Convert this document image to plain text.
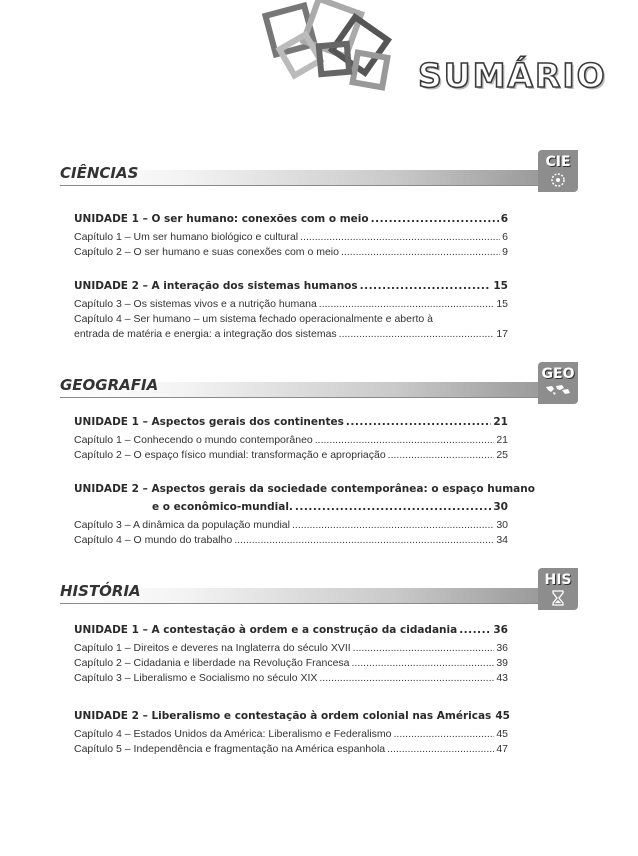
SUMÁRIO
CIÊNCIAS
CIE
UNIDADE 1 – O ser humano: conexões com o meio .....	6
Capítulo 1 – Um ser humano biológico e cultural .....	6
Capítulo 2 – O ser humano e suas conexões com o meio .....	9
UNIDADE 2 – A interação dos sistemas humanos .....	15
Capítulo 3 – Os sistemas vivos e a nutrição humana .....	15
Capítulo 4 – Ser humano – um sistema fechado operacionalmente e aberto à
entrada de matéria e energia: a integração dos sistemas .....	17
GEOGRAFIA
GEO
UNIDADE 1 – Aspectos gerais dos continentes .....	21
Capítulo 1 – Conhecendo o mundo contemporâneo .....	21
Capítulo 2 – O espaço físico mundial: transformação e apropriação .....	25
UNIDADE 2 – Aspectos gerais da sociedade contemporânea: o espaço humano
e o econômico-mundial. .....	30
Capítulo 3 – A dinâmica da população mundial .....	30
Capítulo 4 – O mundo do trabalho .....	34
HISTÓRIA
HIS
UNIDADE 1 – A contestação à ordem e a construção da cidadania .....	36
Capítulo 1 – Direitos e deveres na Inglaterra do século XVII .....	36
Capítulo 2 – Cidadania e liberdade na Revolução Francesa .....	39
Capítulo 3 – Liberalismo e Socialismo no século XIX .....	43
UNIDADE 2 – Liberalismo e contestação à ordem colonial nas Américas 45
Capítulo 4 – Estados Unidos da América: Liberalismo e Federalismo .....	45
Capítulo 5 – Independência e fragmentação na América espanhola .....	47
